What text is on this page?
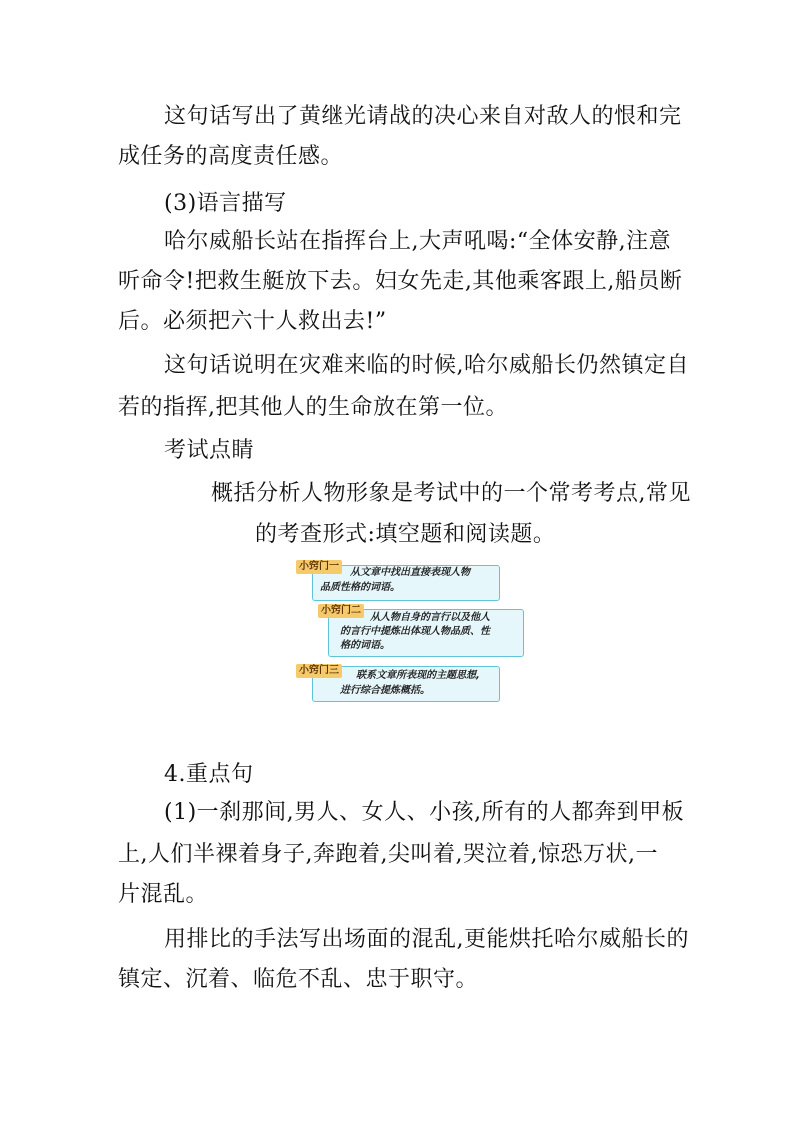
这句话写出了黄继光请战的决心来自对敌人的恨和完
成任务的高度责任感。
(3)语言描写
哈尔威船长站在指挥台上,大声吼喝:“全体安静,注意
听命令!把救生艇放下去。妇女先走,其他乘客跟上,船员断
后。必须把六十人救出去!”
这句话说明在灾难来临的时候,哈尔威船长仍然镇定自
若的指挥,把其他人的生命放在第一位。
考试点睛
概括分析人物形象是考试中的一个常考考点,常见
的考查形式:填空题和阅读题。
小窍门一
从文章中找出直接表现人物
品质性格的词语。
小窍门二
从人物自身的言行以及他人
的言行中提炼出体现人物品质、性
格的词语。
小窍门三	联系文章所表现的主题思想,
进行综合提炼概括。
4.重点句
(1)一刹那间,男人、女人、小孩,所有的人都奔到甲板
上,人们半裸着身子,奔跑着,尖叫着,哭泣着,惊恐万状,一
片混乱。
用排比的手法写出场面的混乱,更能烘托哈尔威船长的
镇定、沉着、临危不乱、忠于职守。
